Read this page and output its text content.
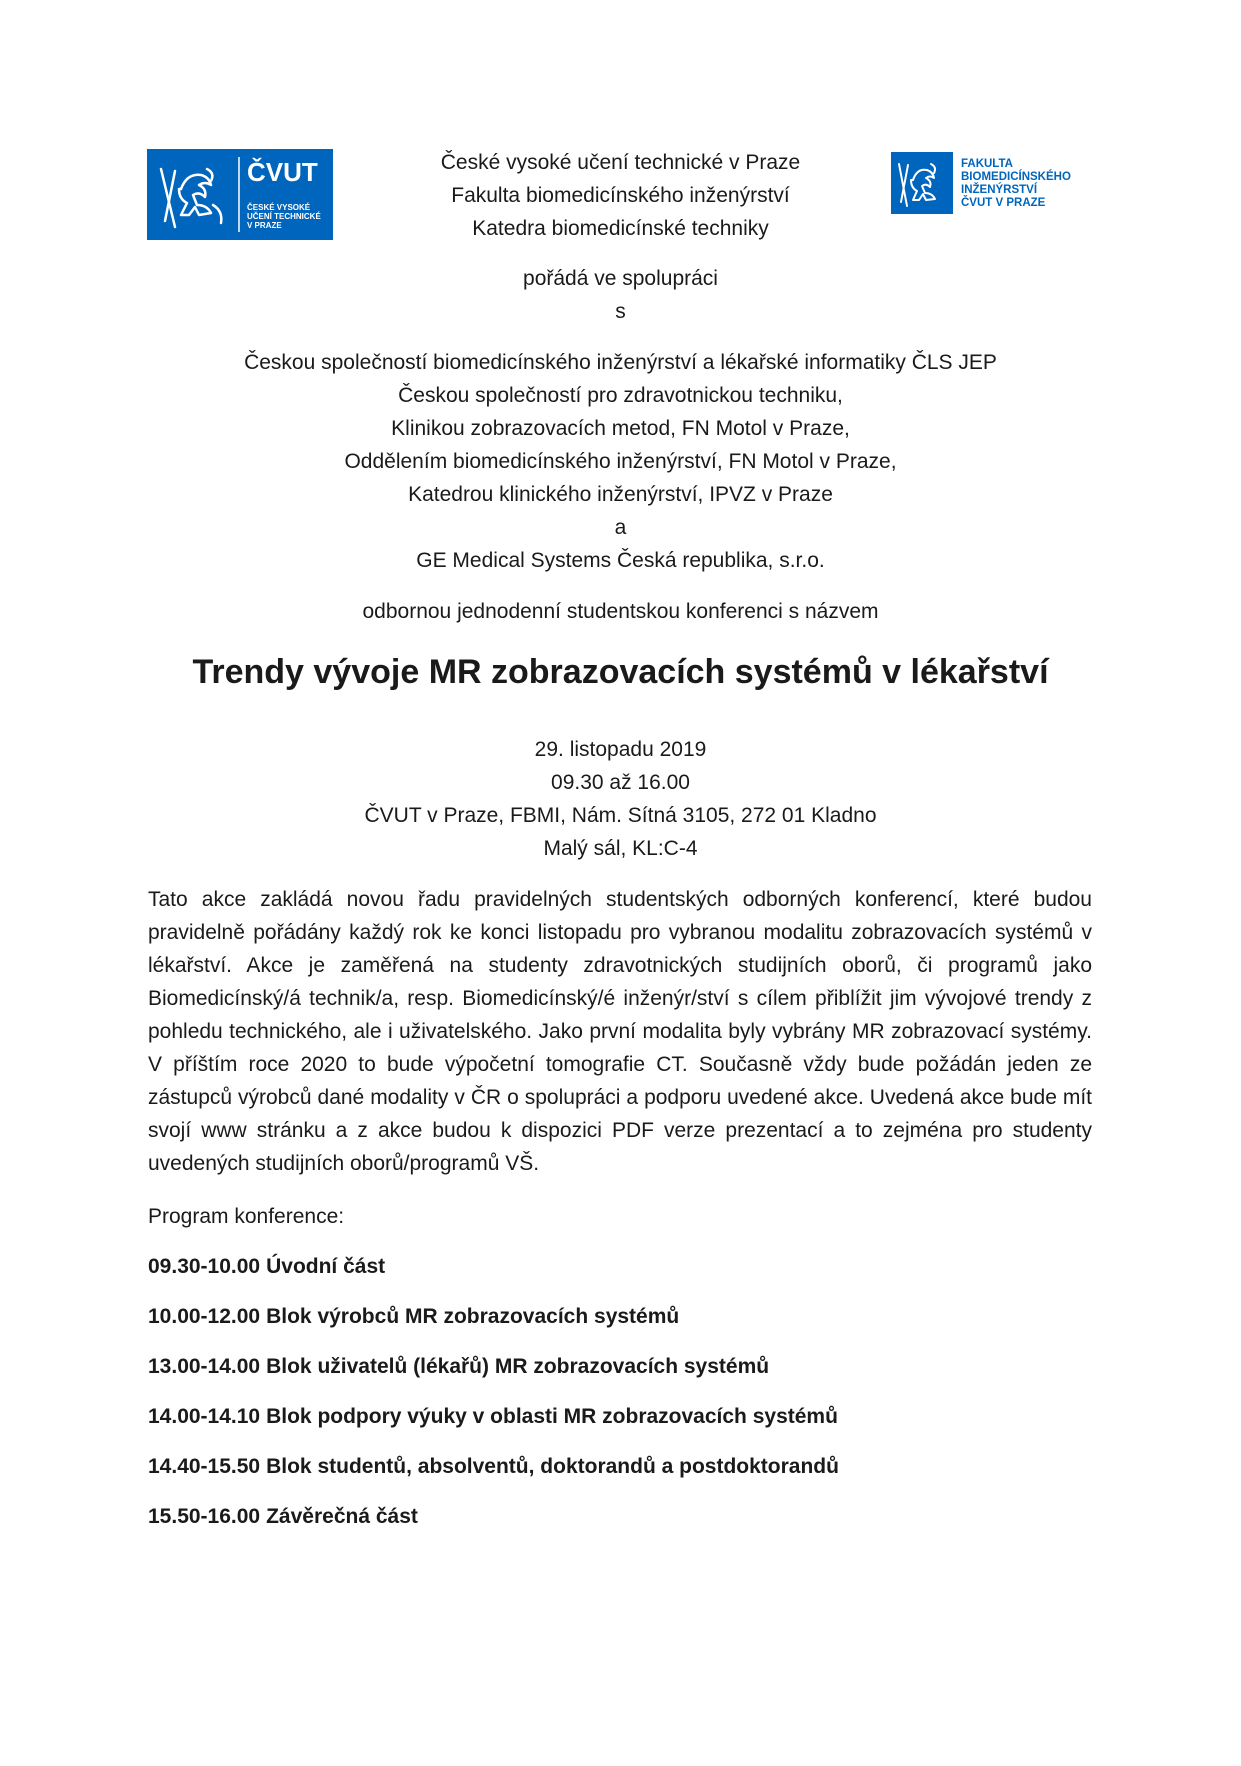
ČVUT
ČESKÉ VYSOKÉ
UČENÍ TECHNICKÉ
V PRAZE
FAKULTA
BIOMEDICÍNSKÉHO
INŽENÝRSTVÍ
ČVUT V PRAZE
České vysoké učení technické v Praze
Fakulta biomedicínského inženýrství
Katedra biomedicínské techniky
pořádá ve spolupráci
s
Českou společností biomedicínského inženýrství a lékařské informatiky ČLS JEP
Českou společností pro zdravotnickou techniku,
Klinikou zobrazovacích metod, FN Motol v Praze,
Oddělením biomedicínského inženýrství, FN Motol v Praze,
Katedrou klinického inženýrství, IPVZ v Praze
a
GE Medical Systems Česká republika, s.r.o.
odbornou jednodenní studentskou konferenci s názvem
Trendy vývoje MR zobrazovacích systémů v lékařství
29. listopadu 2019
09.30 až 16.00
ČVUT v Praze, FBMI, Nám. Sítná 3105, 272 01 Kladno
Malý sál, KL:C-4
Tato akce zakládá novou řadu pravidelných studentských odborných konferencí, které budou pravidelně pořádány každý rok ke konci listopadu pro vybranou modalitu zobrazovacích systémů v lékařství. Akce je zaměřená na studenty zdravotnických studijních oborů, či programů jako Biomedicínský/á technik/a, resp. Biomedicínský/é inženýr/ství s cílem přiblížit jim vývojové trendy z pohledu technického, ale i uživatelského. Jako první modalita byly vybrány MR zobrazovací systémy. V příštím roce 2020 to bude výpočetní tomografie CT. Současně vždy bude požádán jeden ze zástupců výrobců dané modality v ČR o spolupráci a podporu uvedené akce. Uvedená akce bude mít svojí www stránku a z akce budou k dispozici PDF verze prezentací a to zejména pro studenty uvedených studijních oborů/programů VŠ.
Program konference:
09.30-10.00 Úvodní část
10.00-12.00 Blok výrobců MR zobrazovacích systémů
13.00-14.00 Blok uživatelů (lékařů) MR zobrazovacích systémů
14.00-14.10 Blok podpory výuky v oblasti MR zobrazovacích systémů
14.40-15.50 Blok studentů, absolventů, doktorandů a postdoktorandů
15.50-16.00 Závěrečná část
